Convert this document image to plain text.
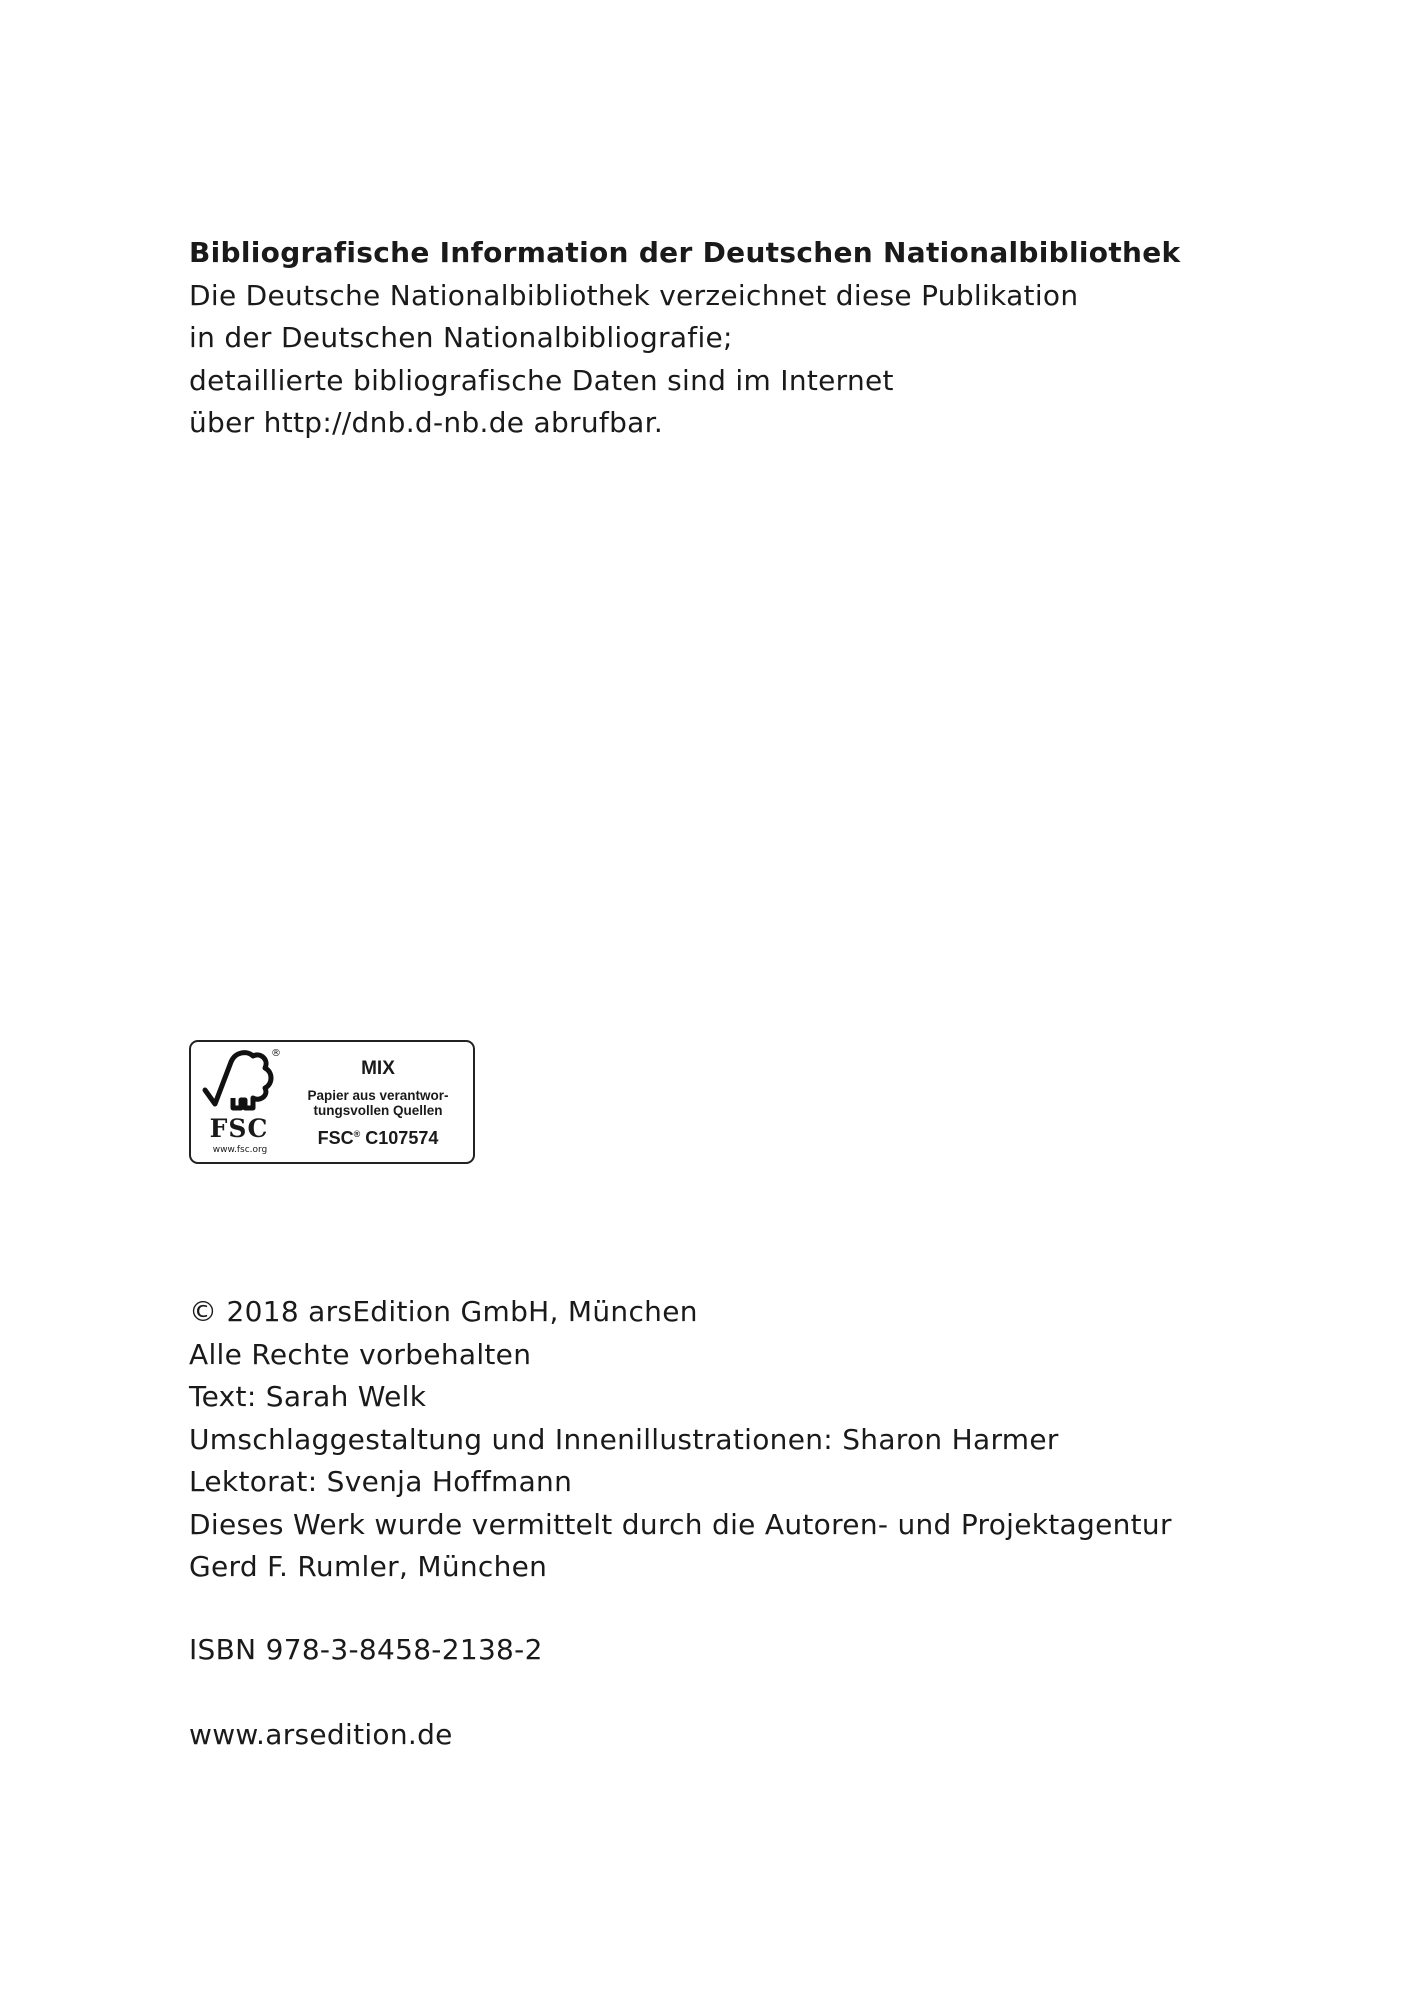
Bibliografische Information der Deutschen Nationalbibliothek
Die Deutsche Nationalbibliothek verzeichnet diese Publikation
in der Deutschen Nationalbibliografie;
detaillierte bibliografische Daten sind im Internet
über http://dnb.d-nb.de abrufbar.
®
FSC
www.fsc.org
MIX
Papier aus verantwor-
tungsvollen Quellen
FSC® C107574
© 2018 arsEdition GmbH, München
Alle Rechte vorbehalten
Text: Sarah Welk
Umschlaggestaltung und Innenillustrationen: Sharon Harmer
Lektorat: Svenja Hoffmann
Dieses Werk wurde vermittelt durch die Autoren- und Projektagentur
Gerd F. Rumler, München
ISBN 978-3-8458-2138-2
www.arsedition.de
